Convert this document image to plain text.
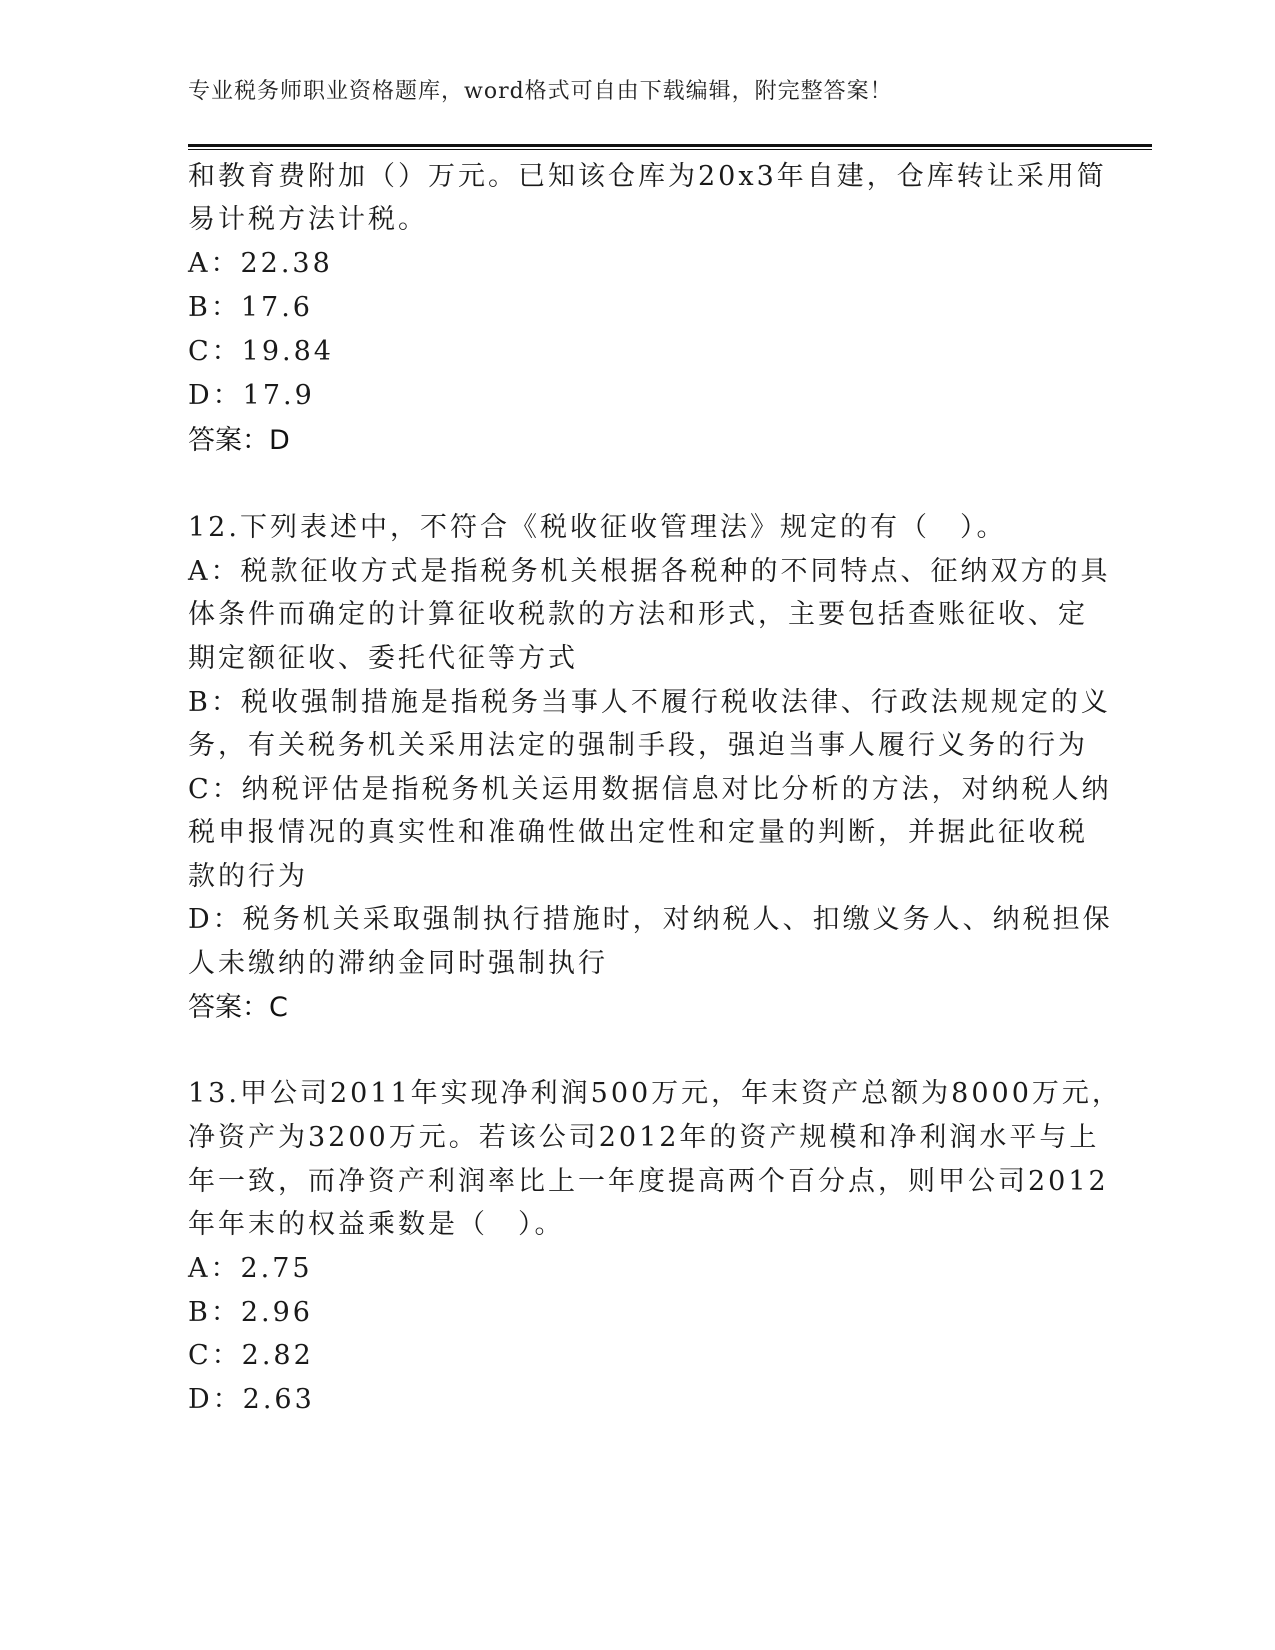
专业税务师职业资格题库，word格式可自由下载编辑，附完整答案！
和教育费附加（）万元。已知该仓库为20x3年自建，仓库转让采用简
易计税方法计税。
A：22.38
B：17.6
C：19.84
D：17.9
答案：D
12.下列表述中，不符合《税收征收管理法》规定的有（　）。
A：税款征收方式是指税务机关根据各税种的不同特点、征纳双方的具
体条件而确定的计算征收税款的方法和形式，主要包括查账征收、定
期定额征收、委托代征等方式
B：税收强制措施是指税务当事人不履行税收法律、行政法规规定的义
务，有关税务机关采用法定的强制手段，强迫当事人履行义务的行为
C：纳税评估是指税务机关运用数据信息对比分析的方法，对纳税人纳
税申报情况的真实性和准确性做出定性和定量的判断，并据此征收税
款的行为
D：税务机关采取强制执行措施时，对纳税人、扣缴义务人、纳税担保
人未缴纳的滞纳金同时强制执行
答案：C
13.甲公司2011年实现净利润500万元，年末资产总额为8000万元，
净资产为3200万元。若该公司2012年的资产规模和净利润水平与上
年一致，而净资产利润率比上一年度提高两个百分点，则甲公司2012
年年末的权益乘数是（　）。
A：2.75
B：2.96
C：2.82
D：2.63
